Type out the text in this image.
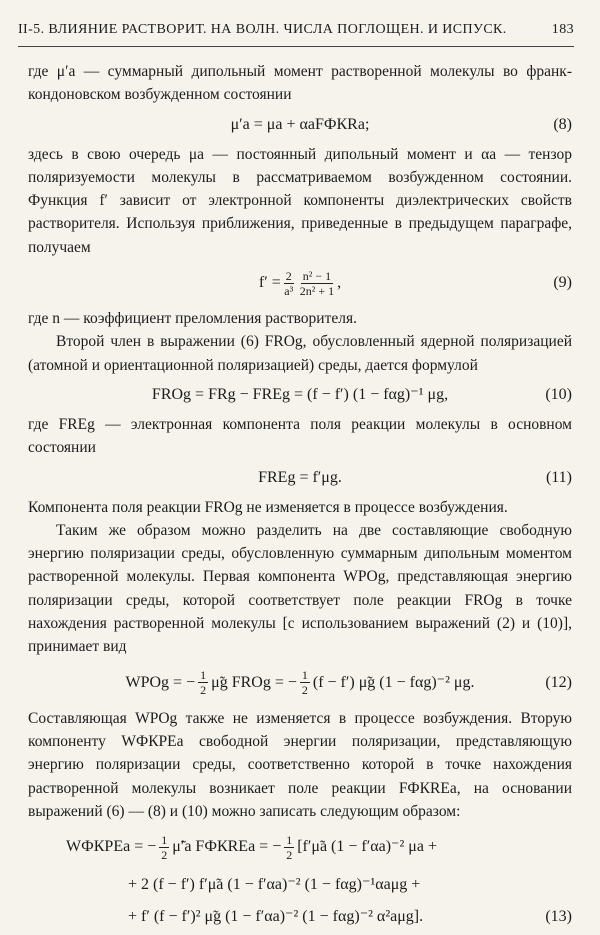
II-5. ВЛИЯНИЕ РАСТВОРИТ. НА ВОЛН. ЧИСЛА ПОГЛОЩЕН. И ИСПУСК.	183

где μ′a — суммарный дипольный момент растворенной молекулы во франк-кондоновском возбужденном состоянии

μ′a = μa + αaFФКRa;	(8)

здесь в свою очередь μa — постоянный дипольный момент и αa — тензор поляризуемости молекулы в рассматриваемом возбужденном состоянии. Функция f′ зависит от электронной компоненты диэлектрических свойств растворителя. Используя приближения, приведенные в предыдущем параграфе, получаем

$f' = \frac{2}{\text{a³}} \frac{\text{n² − 1}}{\text{2n² + 1}}$ ,	(9)

где n — коэффициент преломления растворителя.

Второй член в выражении (6) FROg, обусловленный ядерной поляризацией (атомной и ориентационной поляризацией) среды, дается формулой

FROg = FRg − FREg = (f − f′) (1 − fαg)⁻¹ μg,	(10)

где FREg — электронная компонента поля реакции молекулы в основном состоянии

FREg = f′μg.	(11)

Компонента поля реакции FROg не изменяется в процессе возбуждения.

Таким же образом можно разделить на две составляющие свободную энергию поляризации среды, обусловленную суммарным дипольным моментом растворенной молекулы. Первая компонента WPOg, представляющая энергию поляризации среды, которой соответствует поле реакции FROg в точке нахождения растворенной молекулы [с использованием выражений (2) и (10)], принимает вид

WPOg = − $\frac{1}{2}$ μ̃g FROg = − $\frac{1}{2} (f - f')$ μ̃g (1 − fαg)⁻² μg.	(12)

Составляющая WPOg также не изменяется в процессе возбуждения. Вторую компоненту WФКPEa свободной энергии поляризации, представляющую энергию поляризации среды, соответственно которой в точке нахождения растворенной молекулы возникает поле реакции FФКREa, на основании выражений (6) — (8) и (10) можно записать следующим образом:

WФКPEa = − $\frac{1}{2}$ μ̃′a FФКREa = − $\frac{1}{2}$ [f′μ̃a (1 − f′αa)⁻² μa +
+ 2 (f − f′) f′μ̃a (1 − f′αa)⁻² (1 − fαg)⁻¹αaμg +
+ f′ (f − f′)² μ̃g (1 − f′αa)⁻² (1 − fαg)⁻² α²aμg].	(13)
